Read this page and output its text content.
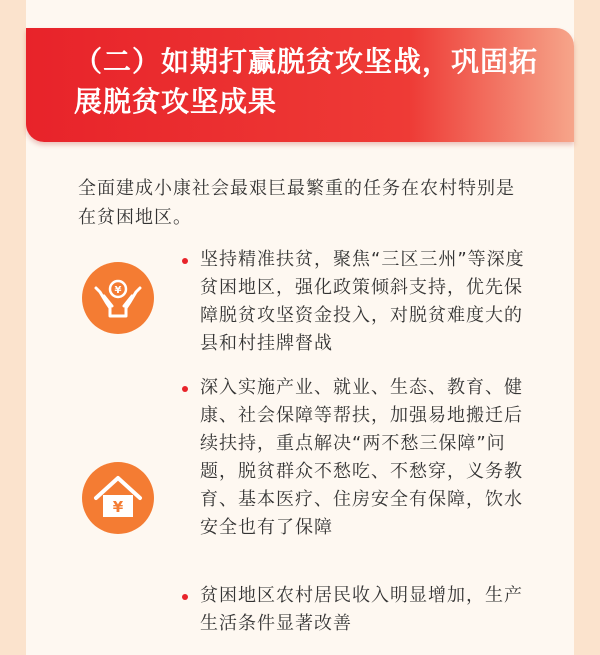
（二）如期打赢脱贫攻坚战，巩固拓展脱贫攻坚成果

全面建成小康社会最艰巨最繁重的任务在农村特别是在贫困地区。

¥
坚持精准扶贫，聚焦“三区三州”等深度贫困地区，强化政策倾斜支持，优先保障脱贫攻坚资金投入，对脱贫难度大的县和村挂牌督战
¥
深入实施产业、就业、生态、教育、健康、社会保障等帮扶，加强易地搬迁后续扶持，重点解决“两不愁三保障”问题，脱贫群众不愁吃、不愁穿，义务教育、基本医疗、住房安全有保障，饮水安全也有了保障
贫困地区农村居民收入明显增加，生产生活条件显著改善
